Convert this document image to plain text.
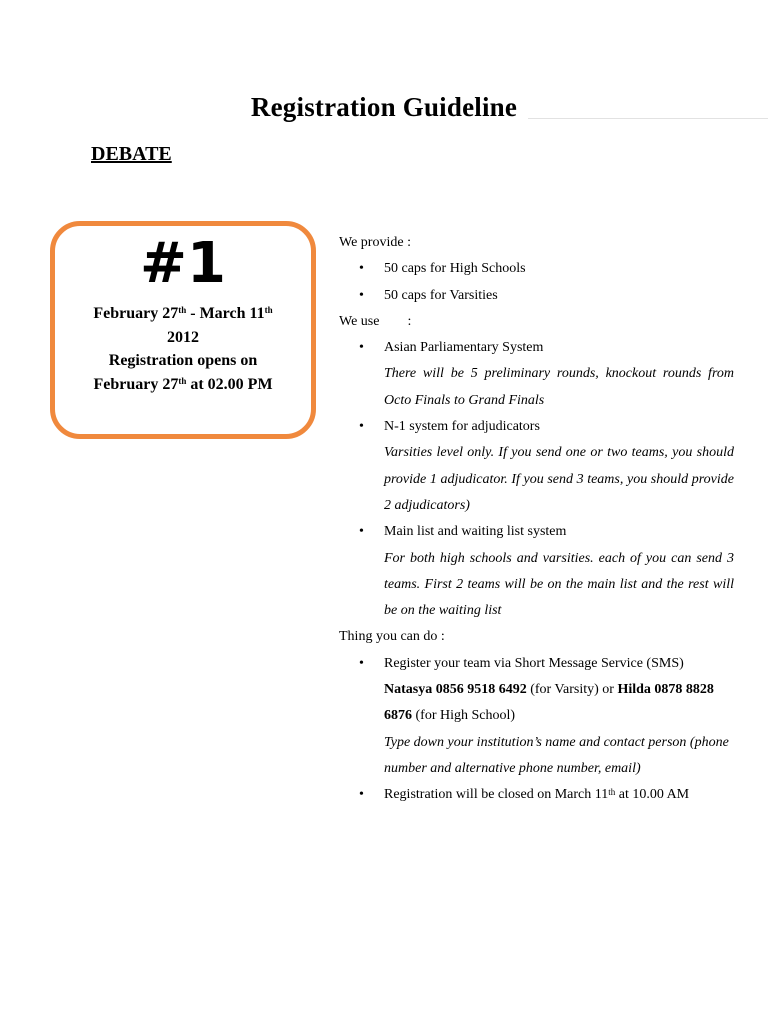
Registration Guideline
DEBATE
#1
February 27th - March 11th
2012
Registration opens on
February 27th at 02.00 PM

We provide :

• 50 caps for High Schools
• 50 caps for Varsities

We use        :

• Asian Parliamentary System
There will be 5 preliminary rounds, knockout rounds from Octo Finals to Grand Finals
• N-1 system for adjudicators
Varsities level only. If you send one or two teams, you should provide 1 adjudicator. If you send 3 teams, you should provide 2 adjudicators)
• Main list and waiting list system
For both high schools and varsities. each of you can send 3 teams. First 2 teams will be on the main list and the rest will be on the waiting list

Thing you can do :

• Register your team via Short Message Service (SMS)
Natasya 0856 9518 6492 (for Varsity) or Hilda 0878 8828 6876 (for High School)
Type down your institution’s name and contact person (phone number and alternative phone number, email)
• Registration will be closed on March 11th at 10.00 AM
